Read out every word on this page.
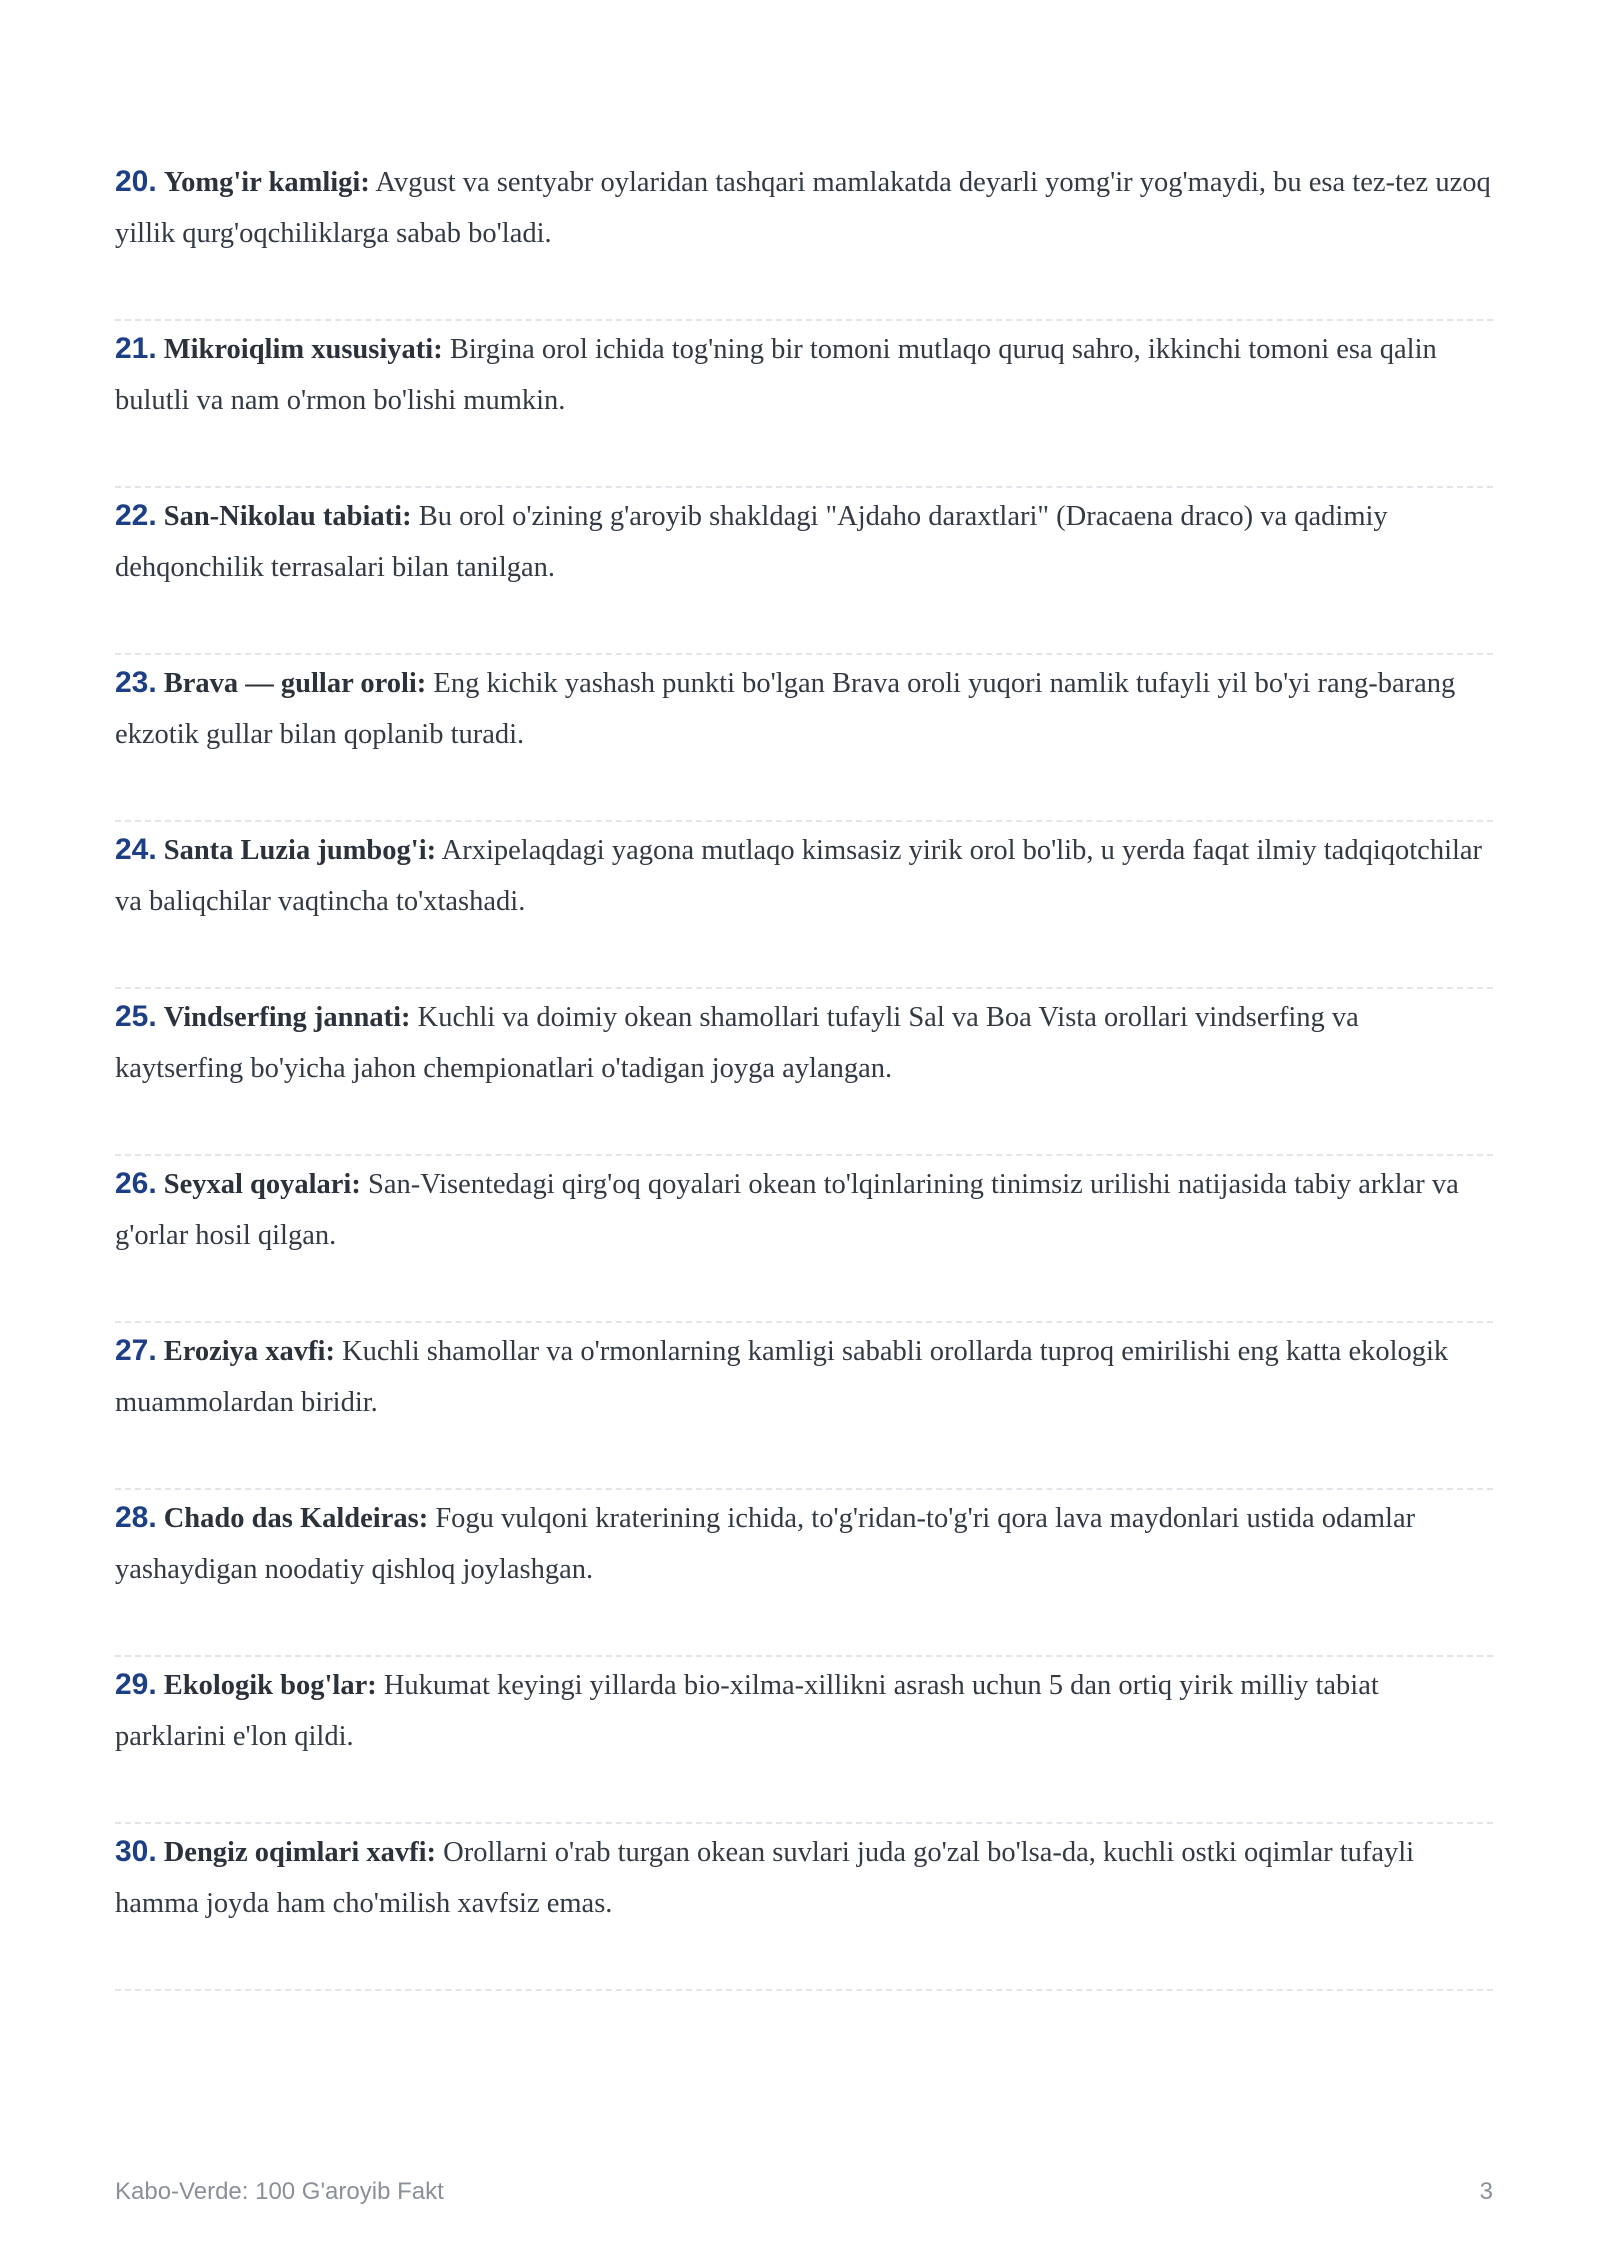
20. Yomg'ir kamligi: Avgust va sentyabr oylaridan tashqari mamlakatda deyarli yomg'ir yog'maydi, bu esa tez-tez uzoq yillik qurg'oqchiliklarga sabab bo'ladi.

21. Mikroiqlim xususiyati: Birgina orol ichida tog'ning bir tomoni mutlaqo quruq sahro, ikkinchi tomoni esa qalin bulutli va nam o'rmon bo'lishi mumkin.

22. San-Nikolau tabiati: Bu orol o'zining g'aroyib shakldagi "Ajdaho daraxtlari" (Dracaena draco) va qadimiy dehqonchilik terrasalari bilan tanilgan.

23. Brava — gullar oroli: Eng kichik yashash punkti bo'lgan Brava oroli yuqori namlik tufayli yil bo'yi rang-barang ekzotik gullar bilan qoplanib turadi.

24. Santa Luzia jumbog'i: Arxipelaqdagi yagona mutlaqo kimsasiz yirik orol bo'lib, u yerda faqat ilmiy tadqiqotchilar va baliqchilar vaqtincha to'xtashadi.

25. Vindserfing jannati: Kuchli va doimiy okean shamollari tufayli Sal va Boa Vista orollari vindserfing va kaytserfing bo'yicha jahon chempionatlari o'tadigan joyga aylangan.

26. Seyxal qoyalari: San-Visentedagi qirg'oq qoyalari okean to'lqinlarining tinimsiz urilishi natijasida tabiy arklar va g'orlar hosil qilgan.

27. Eroziya xavfi: Kuchli shamollar va o'rmonlarning kamligi sababli orollarda tuproq emirilishi eng katta ekologik muammolardan biridir.

28. Chado das Kaldeiras: Fogu vulqoni kraterining ichida, to'g'ridan-to'g'ri qora lava maydonlari ustida odamlar yashaydigan noodatiy qishloq joylashgan.

29. Ekologik bog'lar: Hukumat keyingi yillarda bio-xilma-xillikni asrash uchun 5 dan ortiq yirik milliy tabiat parklarini e'lon qildi.

30. Dengiz oqimlari xavfi: Orollarni o'rab turgan okean suvlari juda go'zal bo'lsa-da, kuchli ostki oqimlar tufayli hamma joyda ham cho'milish xavfsiz emas.

Kabo-Verde: 100 G'aroyib Fakt	3
